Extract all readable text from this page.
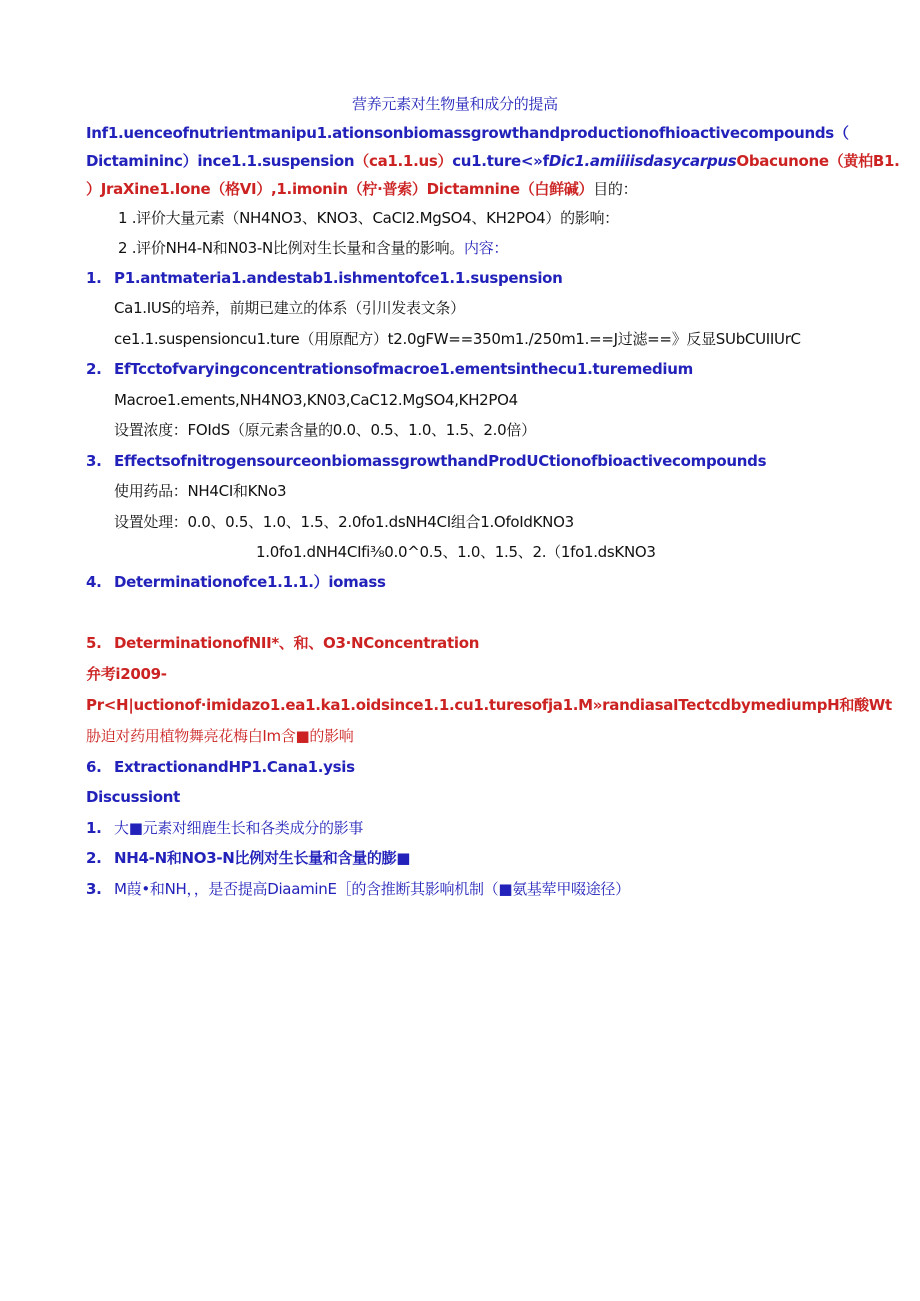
营养元素对生物量和成分的提高
Inf1.uenceofnutrientmanipu1.ationsonbiomassgrowthandproductionofhioactivecompounds（
Dictamininc）ince1.1.suspension（ca1.1.us）cu1.ture<»fDic1.amiiiisdasycarpusObacunone（黄柏B1.
）JraXine1.Ione（格VI）,1.imonin（柠·普索）Dictamnine（白鲜碱）目的：
1 .评价大量元素（NH4NO3、KNO3、CaCI2.MgSO4、KH2PO4）的影响：
2 .评价NH4-N和N03-N比例对生长量和含量的影响。内容：
1. P1.antmateria1.andestab1.ishmentofce1.1.suspension
Ca1.IUS的培养，前期已建立的体系（引川发表文条）
ce1.1.suspensioncu1.ture（用原配方）t2.0gFW==350m1./250m1.==J过滤==》反显SUbCUIIUrC
2. EfTcctofvaryingconcentrationsofmacroe1.ementsinthecu1.turemedium
Macroe1.ements,NH4NO3,KN03,CaC12.MgSO4,KH2PO4
设置浓度：FOIdS（原元素含量的0.0、0.5、1.0、1.5、2.0倍）
3. EffectsofnitrogensourceonbiomassgrowthandProdUCtionofbioactivecompounds
使用药品：NH4CI和KNo3
设置处理：0.0、0.5、1.0、1.5、2.0fo1.dsNH4CI组合1.OfoIdKNO3
1.0fo1.dNH4CIfi⅜0.0^0.5、1.0、1.5、2.（1fo1.dsKNO3
4. Determinationofce1.1.1.）iomass
5. DeterminationofNII*、和、O3·NConcentration
弁考i2009-
Pr<H|uctionof·imidazo1.ea1.ka1.oidsince1.1.cu1.turesofja1.M»randiasaITectcdbymediumpH和酸Wt
胁迫对药用植物舞亮花梅白Im含■的影响
6. ExtractionandHP1.Cana1.ysis
Discussiont
1. 大■元素对细鹿生长和各类成分的影事
2. NH4-N和NO3-N比例对生长量和含量的膨■
3. M葭•和NH，，是否提高DiaaminE［的含推断其影响机制（■氨基荤甲啜途径）
